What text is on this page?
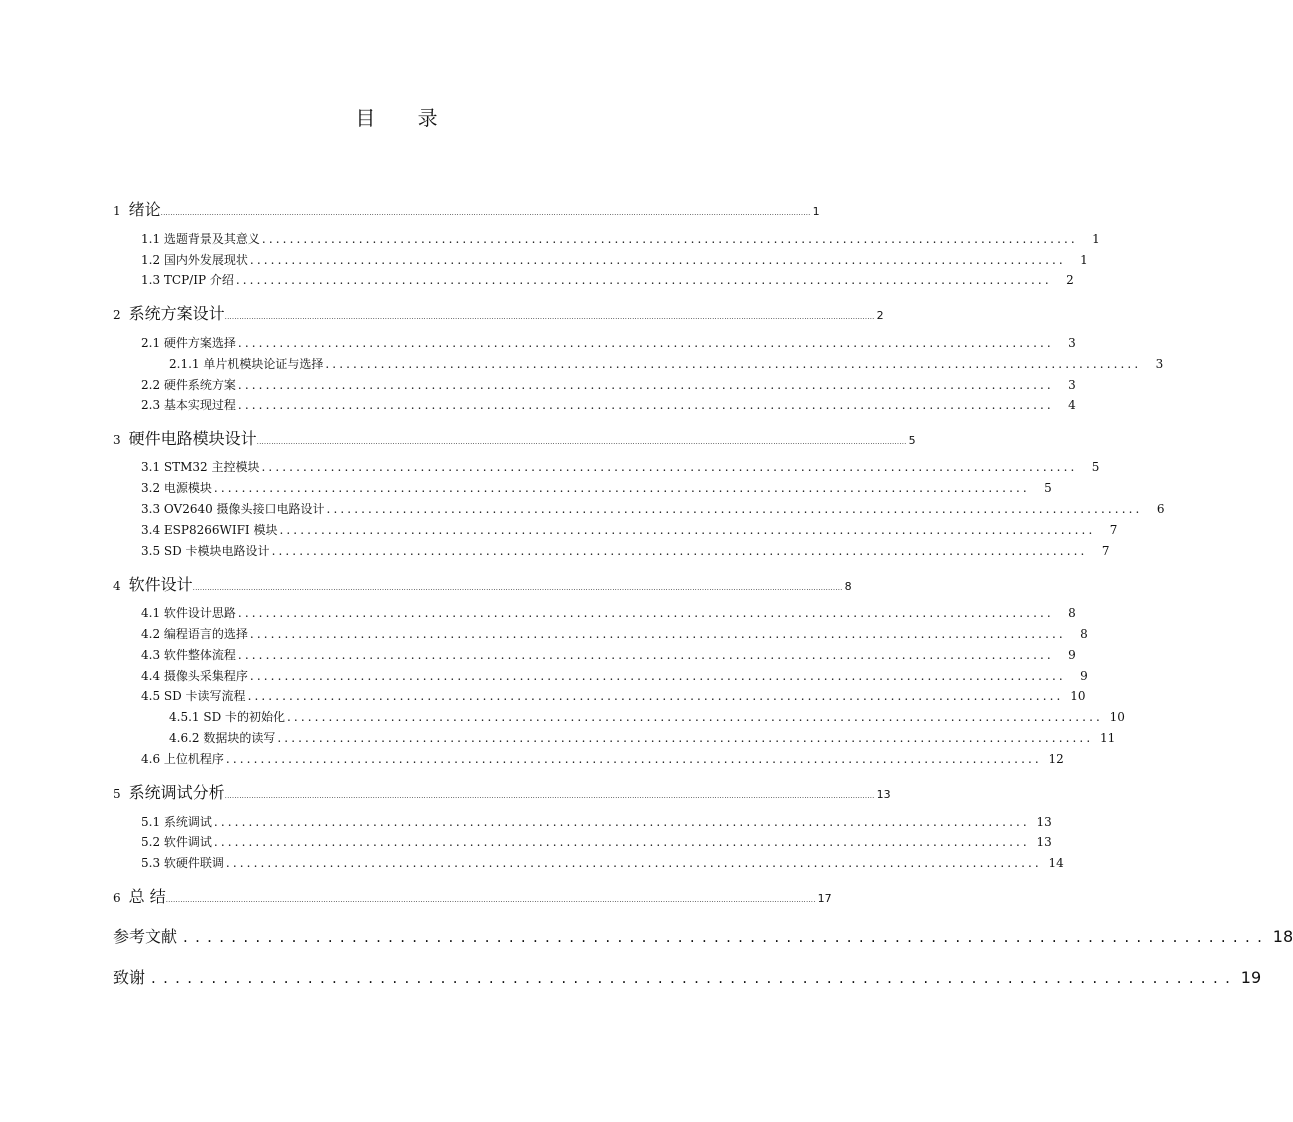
目 录
1 绪论 ............................................................................................................................................................................................................................................................................ 1
1.1 选题背景及其意义 ......................................................................................................................	1
1.2 国内外发展现状 ......................................................................................................................	1
1.3 TCP/IP 介绍 ......................................................................................................................	2
2 系统方案设计 ............................................................................................................................................................................................................................................................................ 2
2.1 硬件方案选择 ......................................................................................................................	3
2.1.1 单片机模块论证与选择 ......................................................................................................................	3
2.2 硬件系统方案 ......................................................................................................................	3
2.3 基本实现过程 ......................................................................................................................	4
3 硬件电路模块设计 ............................................................................................................................................................................................................................................................................ 5
3.1 STM32 主控模块 ......................................................................................................................	5
3.2 电源模块 ......................................................................................................................	5
3.3 OV2640 摄像头接口电路设计 ......................................................................................................................	6
3.4 ESP8266WIFI 模块 ......................................................................................................................	7
3.5 SD 卡模块电路设计 ......................................................................................................................	7
4 软件设计 ............................................................................................................................................................................................................................................................................ 8
4.1 软件设计思路 ......................................................................................................................	8
4.2 编程语言的选择 ......................................................................................................................	8
4.3 软件整体流程 ......................................................................................................................	9
4.4 摄像头采集程序 ......................................................................................................................	9
4.5 SD 卡读写流程 ...................................................................................................................... 10
4.5.1 SD 卡的初始化 ...................................................................................................................... 10
4.6.2 数据块的读写 ...................................................................................................................... 11
4.6 上位机程序 ...................................................................................................................... 12
5 系统调试分析 ............................................................................................................................................................................................................................................................................ 13
5.1 系统调试 ...................................................................................................................... 13
5.2 软件调试 ...................................................................................................................... 13
5.3 软硬件联调 ...................................................................................................................... 14
6 总 结 ............................................................................................................................................................................................................................................................................ 17
参考文献 .......................................................................................... 18
致谢 .......................................................................................... 19
